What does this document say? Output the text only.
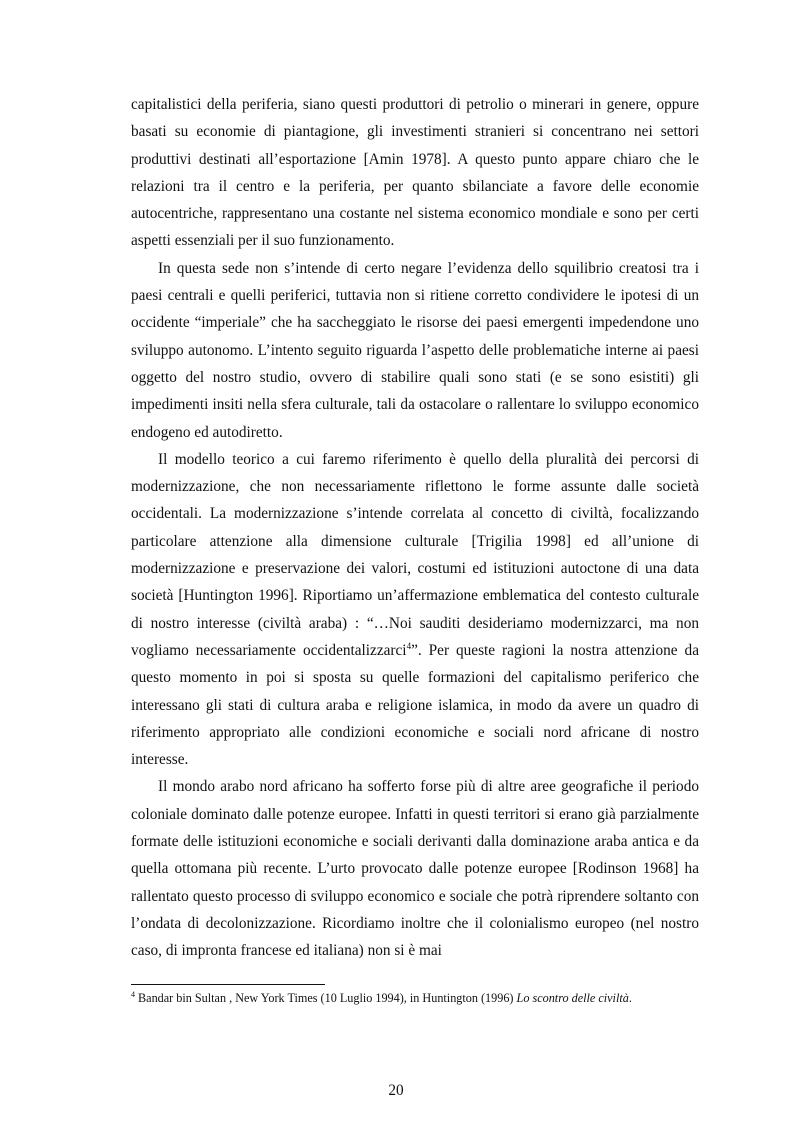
capitalistici della periferia, siano questi produttori di petrolio o minerari in genere, oppure basati su economie di piantagione, gli investimenti stranieri si concentrano nei settori produttivi destinati all’esportazione [Amin 1978]. A questo punto appare chiaro che le relazioni tra il centro e la periferia, per quanto sbilanciate a favore delle economie autocentriche, rappresentano una costante nel sistema economico mondiale e sono per certi aspetti essenziali per il suo funzionamento.

In questa sede non s’intende di certo negare l’evidenza dello squilibrio creatosi tra i paesi centrali e quelli periferici, tuttavia non si ritiene corretto condividere le ipotesi di un occidente “imperiale” che ha saccheggiato le risorse dei paesi emergenti impedendone uno sviluppo autonomo. L’intento seguito riguarda l’aspetto delle problematiche interne ai paesi oggetto del nostro studio, ovvero di stabilire quali sono stati (e se sono esistiti) gli impedimenti insiti nella sfera culturale, tali da ostacolare o rallentare lo sviluppo economico endogeno ed autodiretto.

Il modello teorico a cui faremo riferimento è quello della pluralità dei percorsi di modernizzazione, che non necessariamente riflettono le forme assunte dalle società occidentali. La modernizzazione s’intende correlata al concetto di civiltà, focalizzando particolare attenzione alla dimensione culturale [Trigilia 1998] ed all’unione di modernizzazione e preservazione dei valori, costumi ed istituzioni autoctone di una data società [Huntington 1996]. Riportiamo un’affermazione emblematica del contesto culturale di nostro interesse (civiltà araba) : “…Noi sauditi desideriamo modernizzarci, ma non vogliamo necessariamente occidentalizzarci$^4$”. Per queste ragioni la nostra attenzione da questo momento in poi si sposta su quelle formazioni del capitalismo periferico che interessano gli stati di cultura araba e religione islamica, in modo da avere un quadro di riferimento appropriato alle condizioni economiche e sociali nord africane di nostro interesse.

Il mondo arabo nord africano ha sofferto forse più di altre aree geografiche il periodo coloniale dominato dalle potenze europee. Infatti in questi territori si erano già parzialmente formate delle istituzioni economiche e sociali derivanti dalla dominazione araba antica e da quella ottomana più recente. L’urto provocato dalle potenze europee [Rodinson 1968] ha rallentato questo processo di sviluppo economico e sociale che potrà riprendere soltanto con l’ondata di decolonizzazione. Ricordiamo inoltre che il colonialismo europeo (nel nostro caso, di impronta francese ed italiana) non si è mai

$^4$ Bandar bin Sultan , New York Times (10 Luglio 1994), in Huntington (1996) Lo scontro delle civiltà.
20
